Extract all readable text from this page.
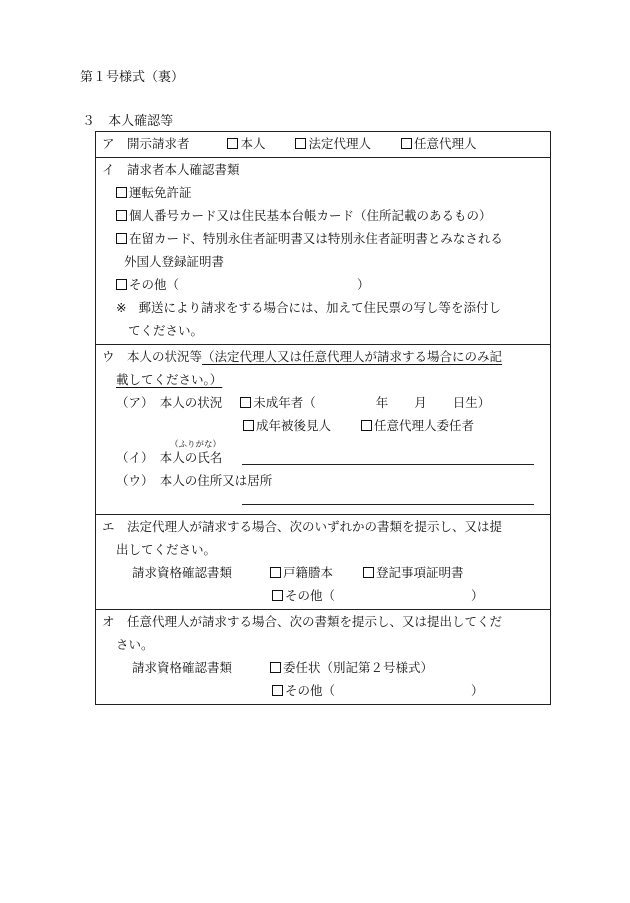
第１号様式（裏）
３ 本人確認等
ア　開示請求者	本人	法定代理人	任意代理人
イ　請求者本人確認書類
運転免許証
個人番号カード又は住民基本台帳カード（住所記載のあるもの）
在留カード、特別永住者証明書又は特別永住者証明書とみなされる
外国人登録証明書
その他（	）
※ 郵送により請求をする場合には、加えて住民票の写し等を添付し
てください。
ウ　本人の状況等（法定代理人又は任意代理人が請求する場合にのみ記
載してください。）
（ア）　本人の状況 未成年者（	年 月 日生）
成年被後見人	任意代理人委任者
（ふりがな）
（イ）　本人の氏名
（ウ）　本人の住所又は居所
エ　法定代理人が請求する場合、次のいずれかの書類を提示し、又は提
出してください。
請求資格確認書類	戸籍謄本	登記事項証明書
その他（	）
オ　任意代理人が請求する場合、次の書類を提示し、又は提出してくだ
さい。
請求資格確認書類	委任状（別記第２号様式）
その他（	）
